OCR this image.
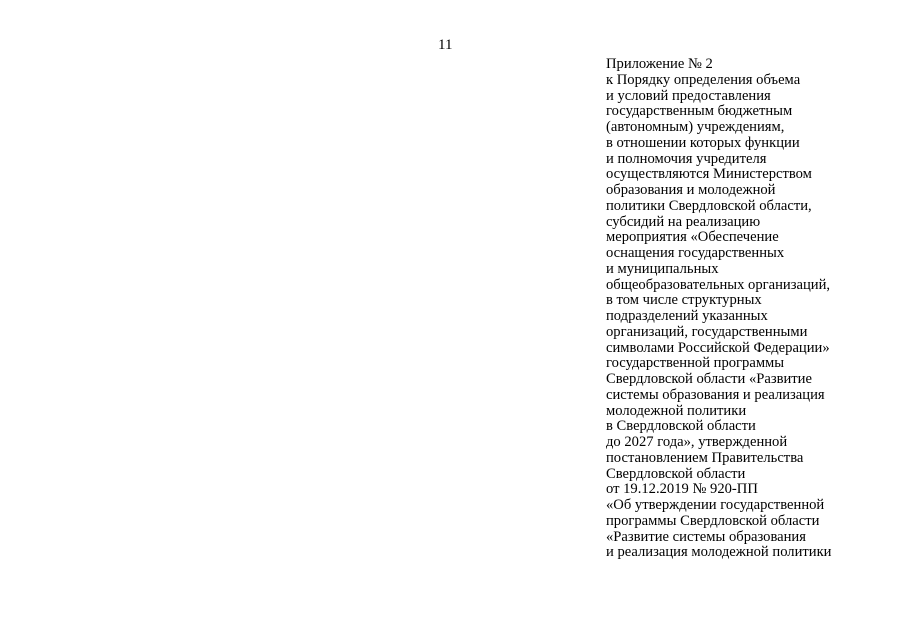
11
Приложение № 2
к Порядку определения объема
и условий предоставления
государственным бюджетным
(автономным) учреждениям,
в отношении которых функции
и полномочия учредителя
осуществляются Министерством
образования и молодежной
политики Свердловской области,
субсидий на реализацию
мероприятия «Обеспечение
оснащения государственных
и муниципальных
общеобразовательных организаций,
в том числе структурных
подразделений указанных
организаций, государственными
символами Российской Федерации»
государственной программы
Свердловской области «Развитие
системы образования и реализация
молодежной политики
в Свердловской области
до 2027 года», утвержденной
постановлением Правительства
Свердловской области
от 19.12.2019 № 920-ПП
«Об утверждении государственной
программы Свердловской области
«Развитие системы образования
и реализация молодежной политики
